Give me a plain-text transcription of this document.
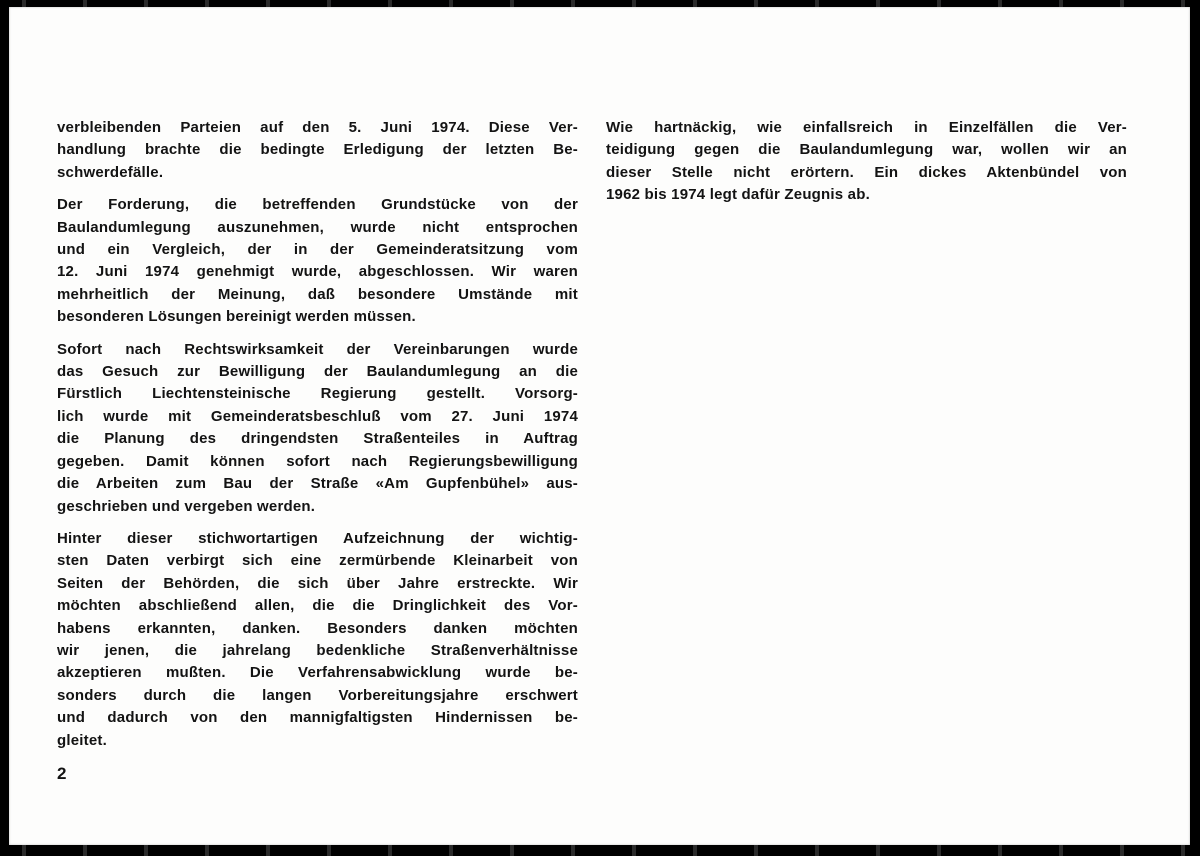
verbleibenden Parteien auf den 5. Juni 1974. Diese Ver-
handlung brachte die bedingte Erledigung der letzten Be-
schwerdefälle.
Der Forderung, die betreffenden Grundstücke von der
Baulandumlegung auszunehmen, wurde nicht entsprochen
und ein Vergleich, der in der Gemeinderatsitzung vom
12. Juni 1974 genehmigt wurde, abgeschlossen. Wir waren
mehrheitlich der Meinung, daß besondere Umstände mit
besonderen Lösungen bereinigt werden müssen.
Sofort nach Rechtswirksamkeit der Vereinbarungen wurde
das Gesuch zur Bewilligung der Baulandumlegung an die
Fürstlich Liechtensteinische Regierung gestellt. Vorsorg-
lich wurde mit Gemeinderatsbeschluß vom 27. Juni 1974
die Planung des dringendsten Straßenteiles in Auftrag
gegeben. Damit können sofort nach Regierungsbewilligung
die Arbeiten zum Bau der Straße «Am Gupfenbühel» aus-
geschrieben und vergeben werden.
Hinter dieser stichwortartigen Aufzeichnung der wichtig-
sten Daten verbirgt sich eine zermürbende Kleinarbeit von
Seiten der Behörden, die sich über Jahre erstreckte. Wir
möchten abschließend allen, die die Dringlichkeit des Vor-
habens erkannten, danken. Besonders danken möchten
wir jenen, die jahrelang bedenkliche Straßenverhältnisse
akzeptieren mußten. Die Verfahrensabwicklung wurde be-
sonders durch die langen Vorbereitungsjahre erschwert
und dadurch von den mannigfaltigsten Hindernissen be-
gleitet.
Wie hartnäckig, wie einfallsreich in Einzelfällen die Ver-
teidigung gegen die Baulandumlegung war, wollen wir an
dieser Stelle nicht erörtern. Ein dickes Aktenbündel von
1962 bis 1974 legt dafür Zeugnis ab.
2
